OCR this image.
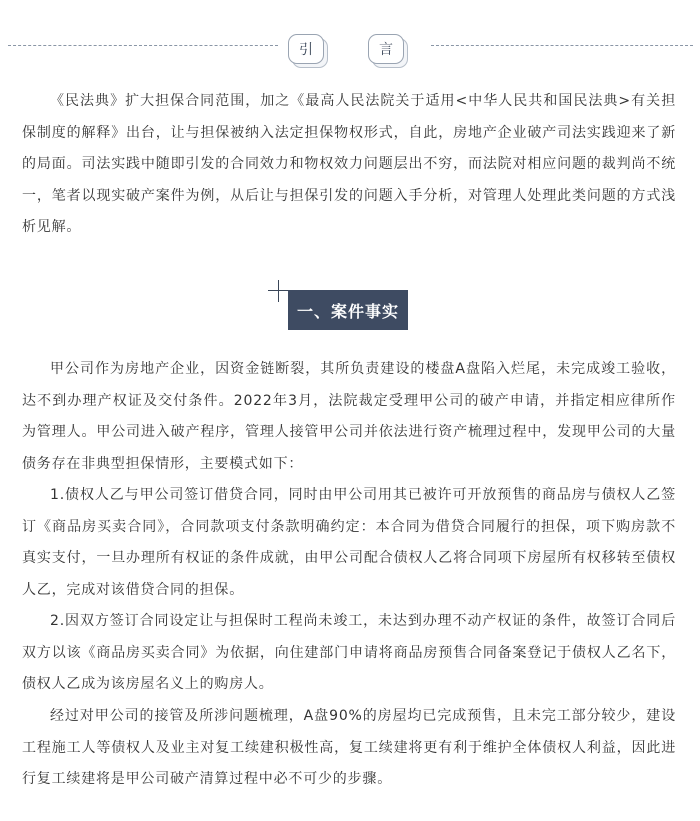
引	言

《民法典》扩大担保合同范围，加之《最高人民法院关于适用<中华人民共和国民法典>有关担保制度的解释》出台，让与担保被纳入法定担保物权形式，自此，房地产企业破产司法实践迎来了新的局面。司法实践中随即引发的合同效力和物权效力问题层出不穷，而法院对相应问题的裁判尚不统一，笔者以现实破产案件为例，从后让与担保引发的问题入手分析，对管理人处理此类问题的方式浅析见解。

一、案件事实

甲公司作为房地产企业，因资金链断裂，其所负责建设的楼盘A盘陷入烂尾，未完成竣工验收，达不到办理产权证及交付条件。2022年3月，法院裁定受理甲公司的破产申请，并指定相应律所作为管理人。甲公司进入破产程序，管理人接管甲公司并依法进行资产梳理过程中，发现甲公司的大量债务存在非典型担保情形，主要模式如下：

1.债权人乙与甲公司签订借贷合同，同时由甲公司用其已被许可开放预售的商品房与债权人乙签订《商品房买卖合同》，合同款项支付条款明确约定：本合同为借贷合同履行的担保，项下购房款不真实支付，一旦办理所有权证的条件成就，由甲公司配合债权人乙将合同项下房屋所有权移转至债权人乙，完成对该借贷合同的担保。

2.因双方签订合同设定让与担保时工程尚未竣工，未达到办理不动产权证的条件，故签订合同后双方以该《商品房买卖合同》为依据，向住建部门申请将商品房预售合同备案登记于债权人乙名下，债权人乙成为该房屋名义上的购房人。

经过对甲公司的接管及所涉问题梳理，A盘90%的房屋均已完成预售，且未完工部分较少，建设工程施工人等债权人及业主对复工续建积极性高，复工续建将更有利于维护全体债权人利益，因此进行复工续建将是甲公司破产清算过程中必不可少的步骤。
